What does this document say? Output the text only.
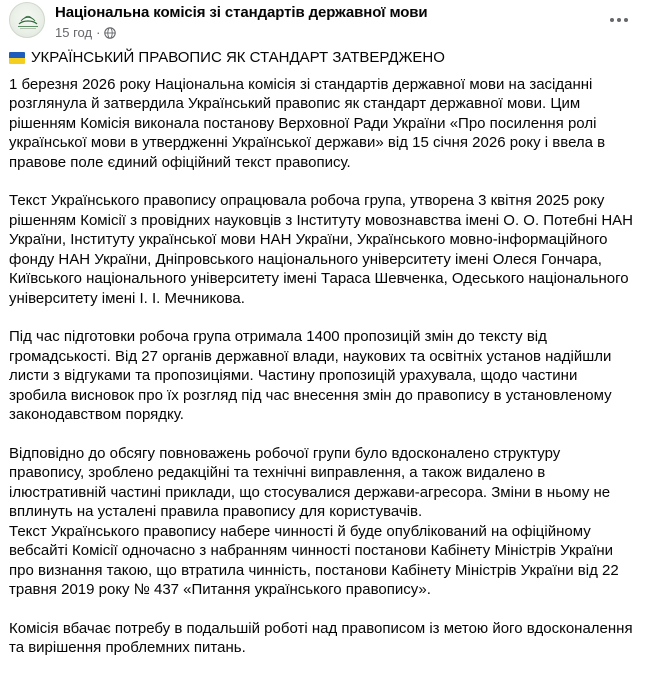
Національна комісія зі стандартів державної мови
15 год ·
УКРАЇНСЬКИЙ ПРАВОПИС ЯК СТАНДАРТ ЗАТВЕРДЖЕНО

1 березня 2026 року Національна комісія зі стандартів державної мови на засіданні розглянула й затвердила Український правопис як стандарт державної мови. Цим рішенням Комісія виконала постанову Верховної Ради України «Про посилення ролі української мови в утвердженні Української держави» від 15 січня 2026 року і ввела в правове поле єдиний офіційний текст правопису.

Текст Українського правопису опрацювала робоча група, утворена 3 квітня 2025 року рішенням Комісії з провідних науковців з Інституту мовознавства імені О. О. Потебні НАН України, Інституту української мови НАН України, Українського мовно-інформаційного фонду НАН України, Дніпровського національного університету імені Олеся Гончара, Київського національного університету імені Тараса Шевченка, Одеського національного університету імені І. І. Мечникова.

Під час підготовки робоча група отримала 1400 пропозицій змін до тексту від громадськості. Від 27 органів державної влади, наукових та освітніх установ надійшли листи з відгуками та пропозиціями. Частину пропозицій урахувала, щодо частини зробила висновок про їх розгляд під час внесення змін до правопису в установленому законодавством порядку.

Відповідно до обсягу повноважень робочої групи було вдосконалено структуру правопису, зроблено редакційні та технічні виправлення, а також видалено в ілюстративній частині приклади, що стосувалися держави-агресора. Зміни в ньому не вплинуть на усталені правила правопису для користувачів.

Текст Українського правопису набере чинності й буде опублікований на офіційному вебсайті Комісії одночасно з набранням чинності постанови Кабінету Міністрів України про визнання такою, що втратила чинність, постанови Кабінету Міністрів України від 22 травня 2019 року № 437 «Питання українського правопису».

Комісія вбачає потребу в подальшій роботі над правописом із метою його вдосконалення та вирішення проблемних питань.
